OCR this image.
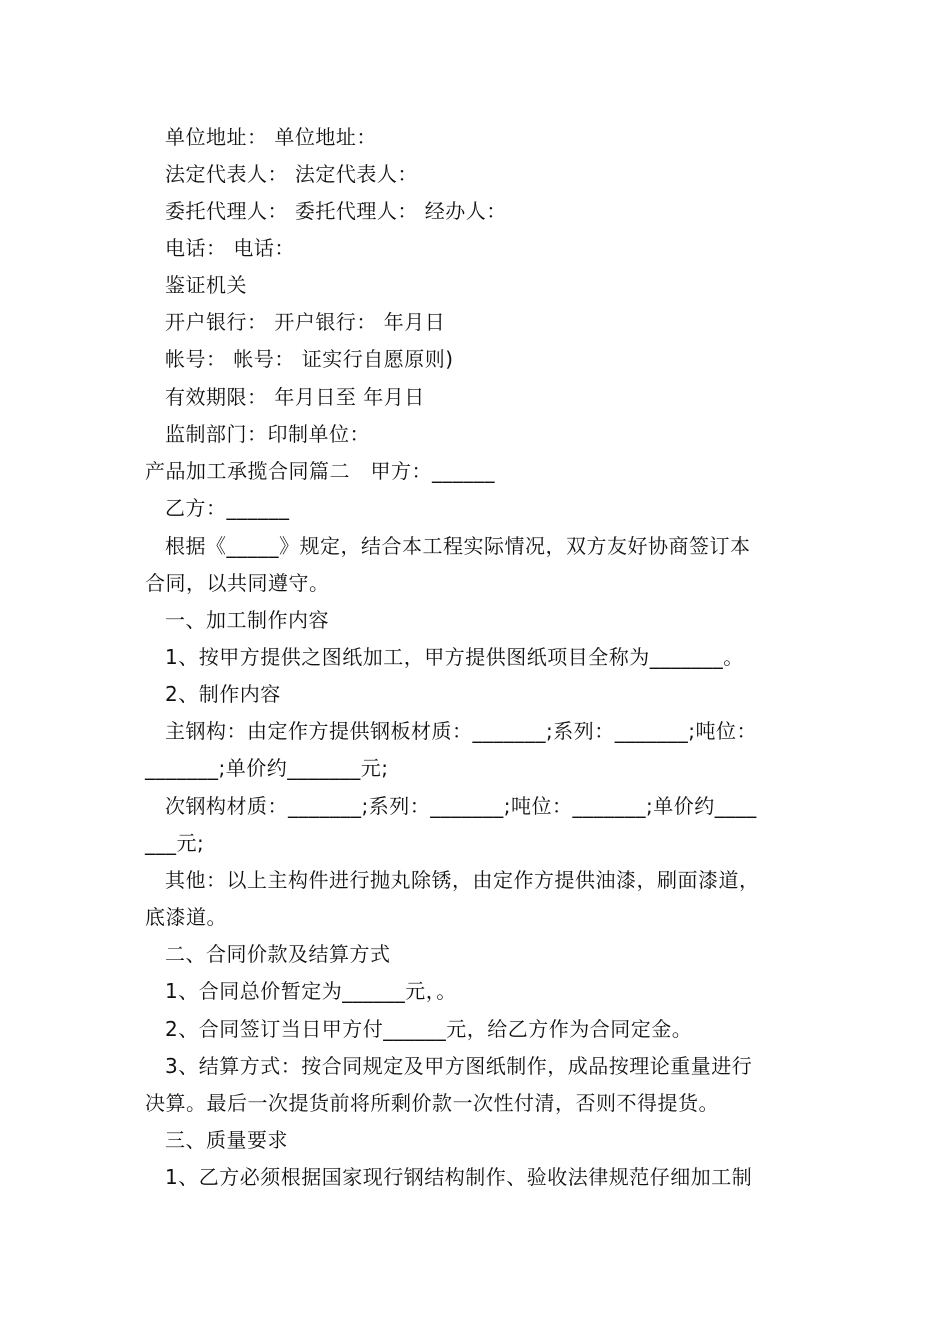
单位地址： 单位地址：
法定代表人： 法定代表人：
委托代理人： 委托代理人： 经办人：
电话： 电话：
鉴证机关
开户银行： 开户银行： 年月日
帐号： 帐号： 证实行自愿原则)
有效期限： 年月日至 年月日
监制部门：印制单位：
产品加工承揽合同篇二　甲方：______
乙方：______
根据《_____》规定，结合本工程实际情况，双方友好协商签订本
合同，以共同遵守。
一、加工制作内容
1、按甲方提供之图纸加工，甲方提供图纸项目全称为_______。
2、制作内容
主钢构：由定作方提供钢板材质：_______;系列：_______;吨位：
_______;单价约_______元;
次钢构材质：_______;系列：_______;吨位：_______;单价约____
___元;
其他：以上主构件进行抛丸除锈，由定作方提供油漆，刷面漆道，
底漆道。
二、合同价款及结算方式
1、合同总价暂定为______元，。
2、合同签订当日甲方付______元，给乙方作为合同定金。
3、结算方式：按合同规定及甲方图纸制作，成品按理论重量进行
决算。最后一次提货前将所剩价款一次性付清，否则不得提货。
三、质量要求
1、乙方必须根据国家现行钢结构制作、验收法律规范仔细加工制
